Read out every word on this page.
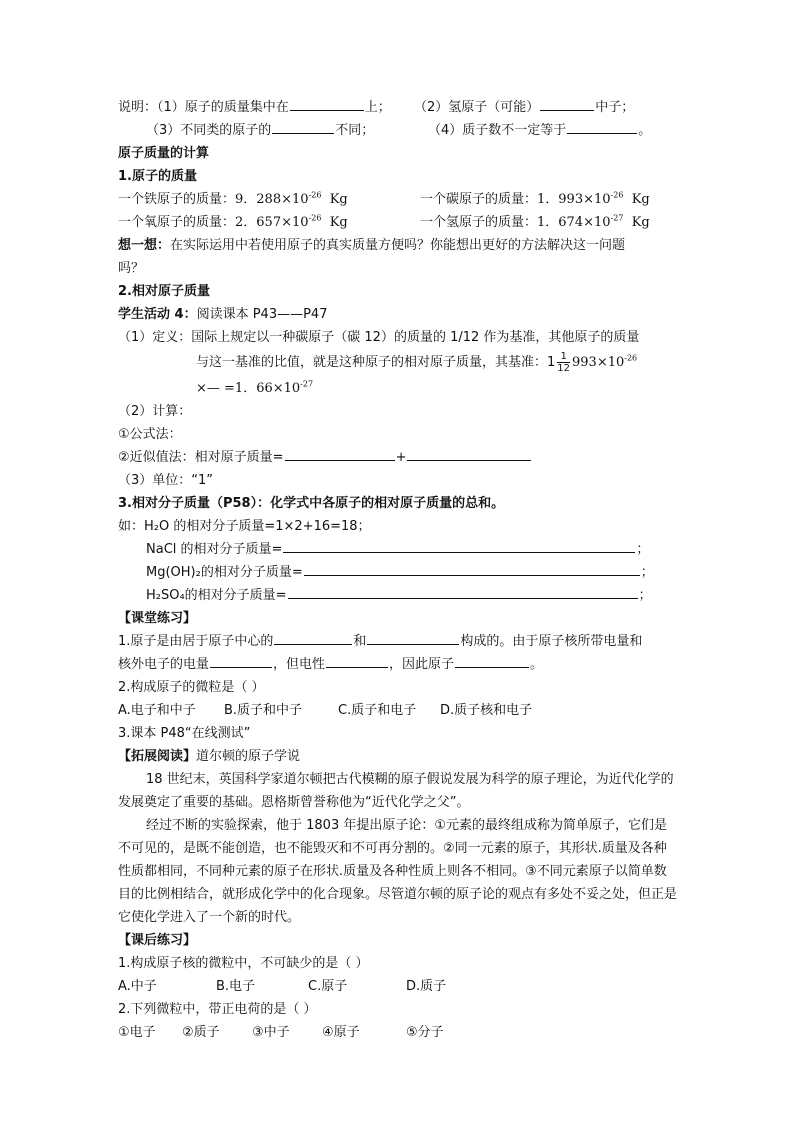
说明：（1）原子的质量集中在	上； （2）氢原子（可能）	中子；
（3）不同类的原子的	不同；	（4）质子数不一定等于	。
原子质量的计算
1.原子的质量
一个铁原子的质量：9．$288\times 10^{-26}$ Kg	一个碳原子的质量：1．$993\times 10^{-26}$ Kg
一个氧原子的质量：2．$657\times 10^{-26}$ Kg	一个氢原子的质量：1．$674\times 10^{-27}$ Kg
想一想：在实际运用中若使用原子的真实质量方便吗？你能想出更好的方法解决这一问题
吗？
2.相对原子质量
学生活动 4：阅读课本 P43——P47
（1）定义：国际上规定以一种碳原子（碳 12）的质量的 1/12 作为基准，其他原子的质量
与这一基准的比值，就是这种原子的相对原子质量，其基准：$1 \frac{1}{12} 993\times 10^{-26}$
×— =1．$66\times 10^{-27}$
（2）计算：
①公式法：
②近似值法：相对原子质量=	+
（3）单位：“1”
3.相对分子质量（P58）：化学式中各原子的相对原子质量的总和。
如：H₂O 的相对分子质量=1×2+16=18；
NaCl 的相对分子质量=	；
Mg(OH)₂的相对分子质量=	；
H₂SO₄的相对分子质量=	；
【课堂练习】
1.原子是由居于原子中心的	和	构成的。由于原子核所带电量和
核外电子的电量	，但电性	，因此原子	。
2.构成原子的微粒是（ ）
A.电子和中子 B.质子和中子	C.质子和电子 D.质子核和电子
3.课本 P48“在线测试”
【拓展阅读】道尔顿的原子学说

18 世纪末，英国科学家道尔顿把古代模糊的原子假说发展为科学的原子理论，为近代化学的发展奠定了重要的基础。恩格斯曾誉称他为“近代化学之父”。

经过不断的实验探索，他于 1803 年提出原子论：①元素的最终组成称为简单原子，它们是不可见的，是既不能创造，也不能毁灭和不可再分割的。②同一元素的原子，其形状.质量及各种性质都相同，不同种元素的原子在形状.质量及各种性质上则各不相同。③不同元素原子以简单数目的比例相结合，就形成化学中的化合现象。尽管道尔顿的原子论的观点有多处不妥之处，但正是它使化学进入了一个新的时代。

【课后练习】
1.构成原子核的微粒中，不可缺少的是（ ）
A.中子	B.电子	C.原子	D.质子
2.下列微粒中，带正电荷的是（ ）
①电子 ②质子 ③中子 ④原子	⑤分子
